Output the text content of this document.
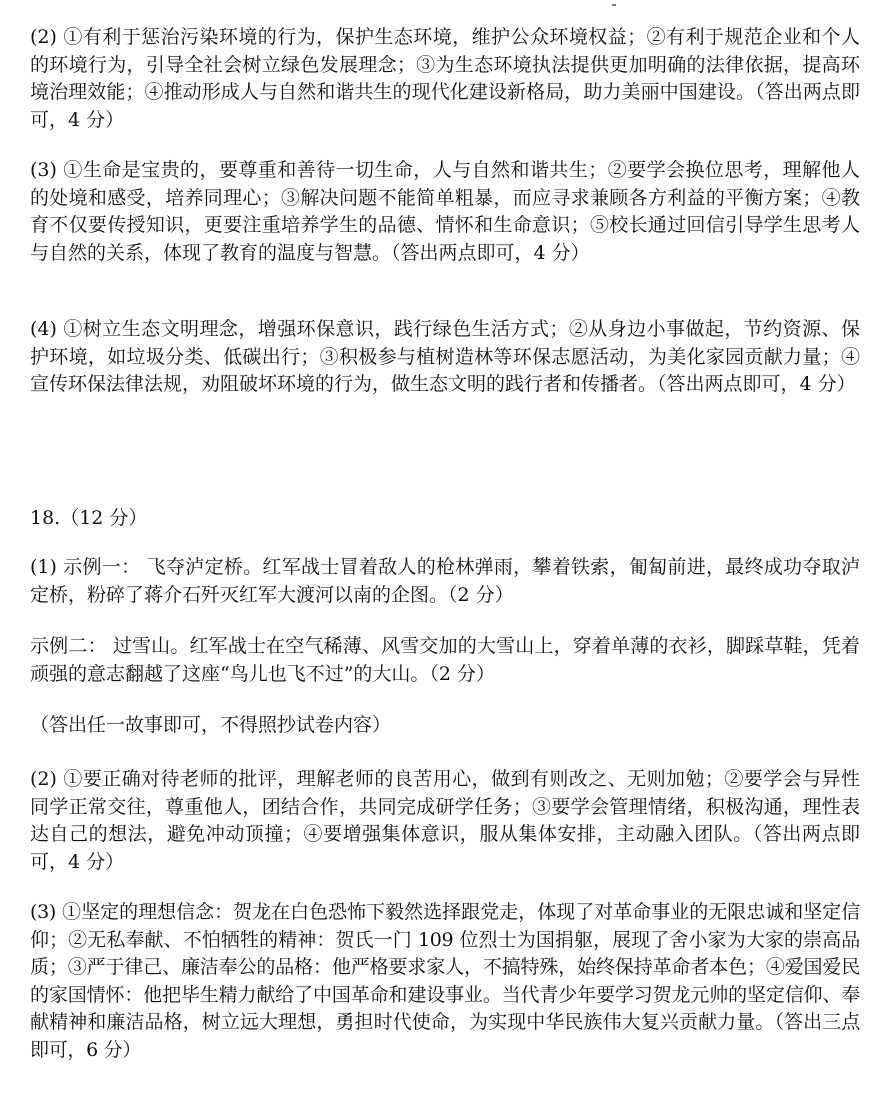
(2) ①有利于惩治污染环境的行为，保护生态环境，维护公众环境权益；②有利于规范企业和个人的环境行为，引导全社会树立绿色发展理念；③为生态环境执法提供更加明确的法律依据，提高环境治理效能；④推动形成人与自然和谐共生的现代化建设新格局，助力美丽中国建设。（答出两点即可，4 分）

(3) ①生命是宝贵的，要尊重和善待一切生命，人与自然和谐共生；②要学会换位思考，理解他人的处境和感受，培养同理心；③解决问题不能简单粗暴，而应寻求兼顾各方利益的平衡方案；④教育不仅要传授知识，更要注重培养学生的品德、情怀和生命意识；⑤校长通过回信引导学生思考人与自然的关系，体现了教育的温度与智慧。（答出两点即可，4 分）

(4) ①树立生态文明理念，增强环保意识，践行绿色生活方式；②从身边小事做起，节约资源、保护环境，如垃圾分类、低碳出行；③积极参与植树造林等环保志愿活动，为美化家园贡献力量；④宣传环保法律法规，劝阻破坏环境的行为，做生态文明的践行者和传播者。（答出两点即可，4 分）

18.（12 分）

(1) 示例一： 飞夺泸定桥。红军战士冒着敌人的枪林弹雨，攀着铁索，匍匐前进，最终成功夺取泸定桥，粉碎了蒋介石歼灭红军大渡河以南的企图。（2 分）

示例二： 过雪山。红军战士在空气稀薄、风雪交加的大雪山上，穿着单薄的衣衫，脚踩草鞋，凭着顽强的意志翻越了这座“鸟儿也飞不过”的大山。（2 分）

（答出任一故事即可，不得照抄试卷内容）

(2) ①要正确对待老师的批评，理解老师的良苦用心，做到有则改之、无则加勉；②要学会与异性同学正常交往，尊重他人，团结合作，共同完成研学任务；③要学会管理情绪，积极沟通，理性表达自己的想法，避免冲动顶撞；④要增强集体意识，服从集体安排，主动融入团队。（答出两点即可，4 分）

(3) ①坚定的理想信念：贺龙在白色恐怖下毅然选择跟党走，体现了对革命事业的无限忠诚和坚定信仰；②无私奉献、不怕牺牲的精神：贺氏一门 109 位烈士为国捐躯，展现了舍小家为大家的崇高品质；③严于律己、廉洁奉公的品格：他严格要求家人，不搞特殊，始终保持革命者本色；④爱国爱民的家国情怀：他把毕生精力献给了中国革命和建设事业。当代青少年要学习贺龙元帅的坚定信仰、奉献精神和廉洁品格，树立远大理想，勇担时代使命，为实现中华民族伟大复兴贡献力量。（答出三点即可，6 分）
